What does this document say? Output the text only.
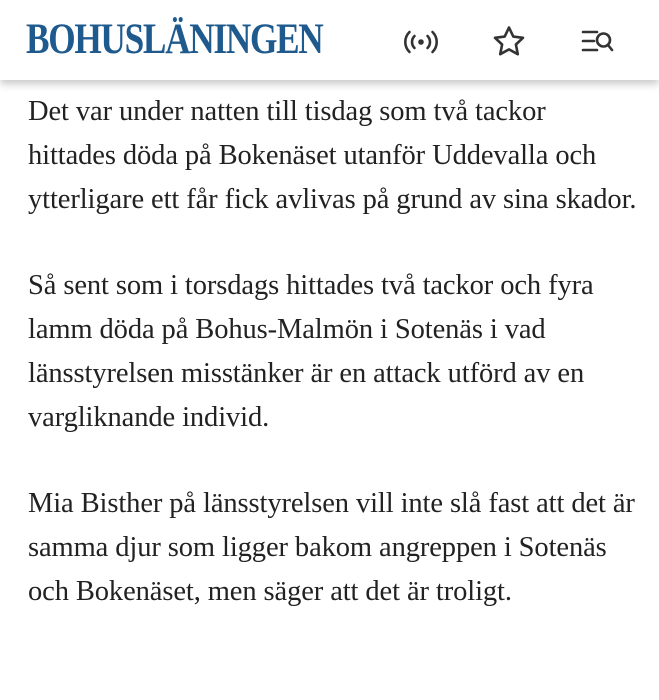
BOHUSLÄNINGEN

Det var under natten till tisdag som två tackor hittades döda på Bokenäset utanför Uddevalla och ytterligare ett får fick avlivas på grund av sina skador.

Så sent som i torsdags hittades två tackor och fyra lamm döda på Bohus-Malmön i Sotenäs i vad länsstyrelsen misstänker är en attack utförd av en vargliknande individ.

Mia Bisther på länsstyrelsen vill inte slå fast att det är samma djur som ligger bakom angreppen i Sotenäs och Bokenäset, men säger att det är troligt.
